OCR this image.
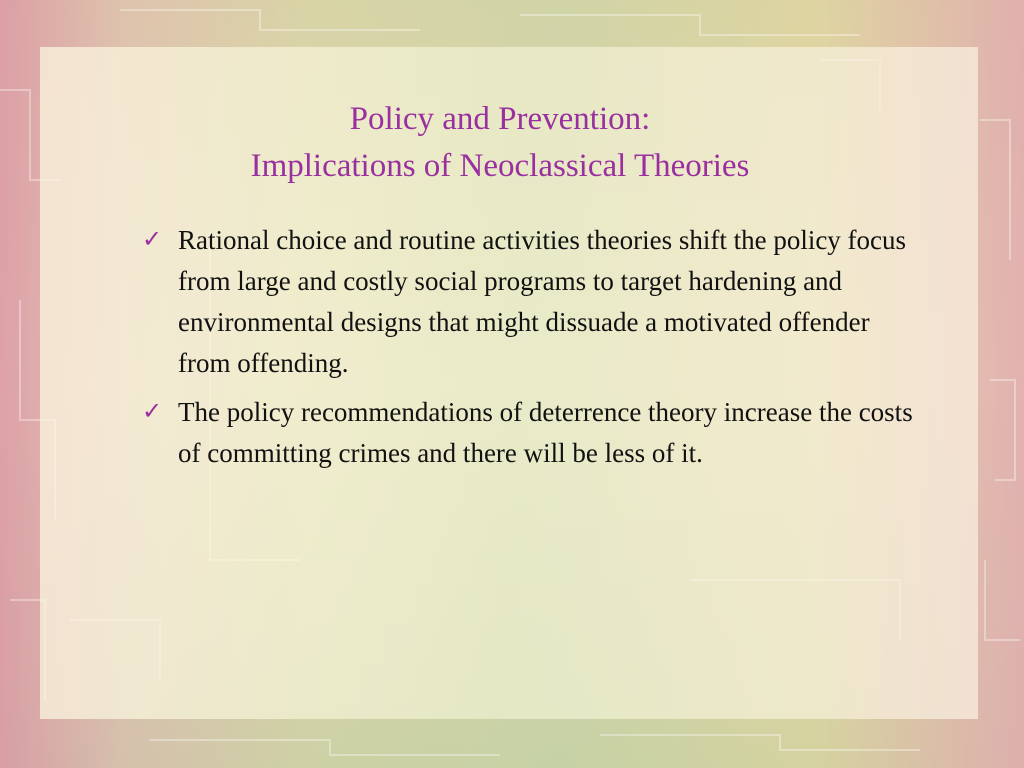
Policy and Prevention:
Implications of Neoclassical Theories
✓ Rational choice and routine activities theories shift the policy focus from large and costly social programs to target hardening and environmental designs that might dissuade a motivated offender from offending.
✓ The policy recommendations of deterrence theory increase the costs of committing crimes and there will be less of it.
